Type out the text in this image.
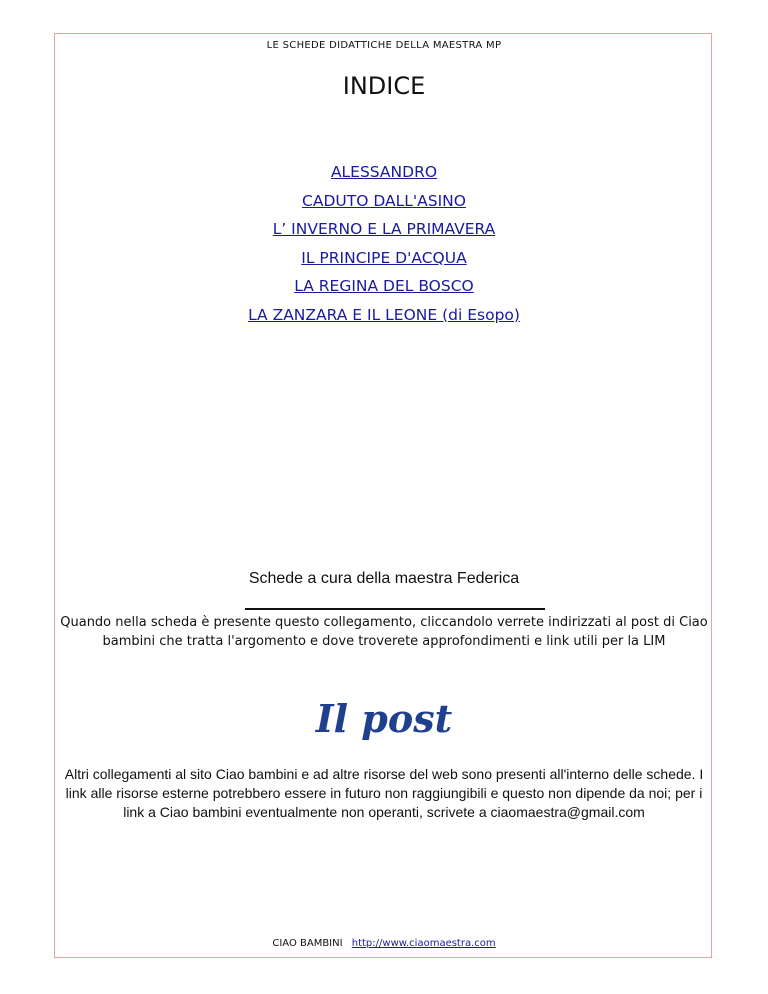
LE SCHEDE DIDATTICHE DELLA MAESTRA MP
INDICE
ALESSANDRO
CADUTO DALL'ASINO
L’ INVERNO E LA PRIMAVERA
IL PRINCIPE D'ACQUA
LA REGINA DEL BOSCO
LA ZANZARA E IL LEONE (di Esopo)
Schede a cura della maestra Federica
Quando nella scheda è presente questo collegamento, cliccandolo verrete indirizzati al post di Ciao bambini che tratta l'argomento e dove troverete approfondimenti e link utili per la LIM
Il post
Altri collegamenti al sito Ciao bambini e ad altre risorse del web sono presenti all'interno delle schede. I link alle risorse esterne potrebbero essere in futuro non raggiungibili e questo non dipende da noi; per i link a Ciao bambini eventualmente non operanti, scrivete a ciaomaestra@gmail.com
CIAO BAMBINI http://www.ciaomaestra.com
